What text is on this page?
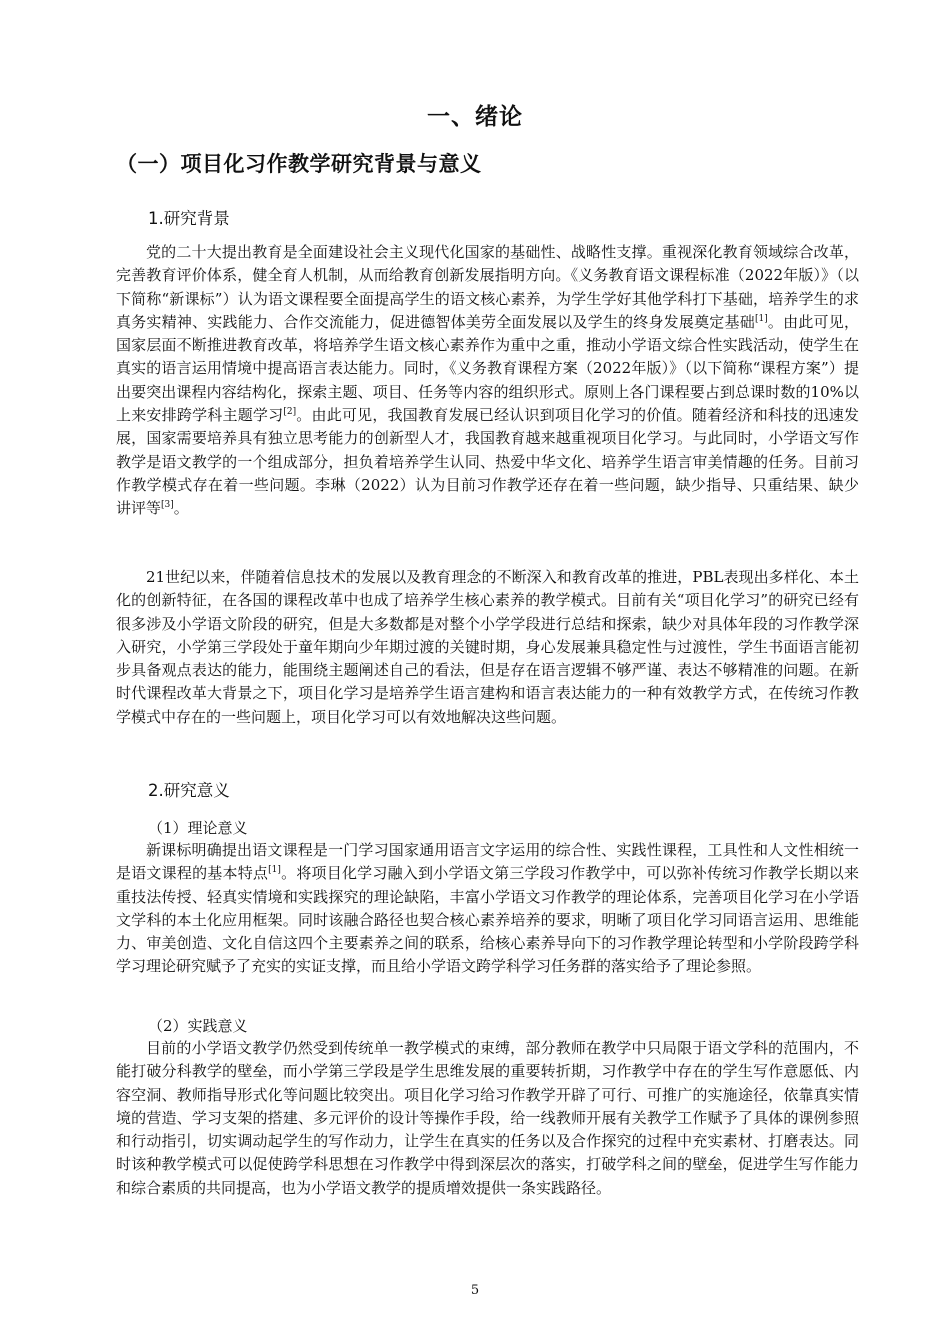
一、绪论
（一）项目化习作教学研究背景与意义
1.研究背景

党的二十大提出教育是全面建设社会主义现代化国家的基础性、战略性支撑。重视深化教育领域综合改革，完善教育评价体系，健全育人机制，从而给教育创新发展指明方向。《义务教育语文课程标准（2022年版）》（以下简称“新课标”）认为语文课程要全面提高学生的语文核心素养，为学生学好其他学科打下基础，培养学生的求真务实精神、实践能力、合作交流能力，促进德智体美劳全面发展以及学生的终身发展奠定基础[1]。由此可见，国家层面不断推进教育改革，将培养学生语文核心素养作为重中之重，推动小学语文综合性实践活动，使学生在真实的语言运用情境中提高语言表达能力。同时，《义务教育课程方案（2022年版）》（以下简称“课程方案”）提出要突出课程内容结构化，探索主题、项目、任务等内容的组织形式。原则上各门课程要占到总课时数的10%以上来安排跨学科主题学习[2]。由此可见，我国教育发展已经认识到项目化学习的价值。随着经济和科技的迅速发展，国家需要培养具有独立思考能力的创新型人才，我国教育越来越重视项目化学习。与此同时，小学语文写作教学是语文教学的一个组成部分，担负着培养学生认同、热爱中华文化、培养学生语言审美情趣的任务。目前习作教学模式存在着一些问题。李琳（2022）认为目前习作教学还存在着一些问题，缺少指导、只重结果、缺少讲评等[3]。

21世纪以来，伴随着信息技术的发展以及教育理念的不断深入和教育改革的推进，PBL表现出多样化、本土化的创新特征，在各国的课程改革中也成了培养学生核心素养的教学模式。目前有关“项目化学习”的研究已经有很多涉及小学语文阶段的研究，但是大多数都是对整个小学学段进行总结和探索，缺少对具体年段的习作教学深入研究，小学第三学段处于童年期向少年期过渡的关键时期，身心发展兼具稳定性与过渡性，学生书面语言能初步具备观点表达的能力，能围绕主题阐述自己的看法，但是存在语言逻辑不够严谨、表达不够精准的问题。在新时代课程改革大背景之下，项目化学习是培养学生语言建构和语言表达能力的一种有效教学方式，在传统习作教学模式中存在的一些问题上，项目化学习可以有效地解决这些问题。

2.研究意义
（1）理论意义

新课标明确提出语文课程是一门学习国家通用语言文字运用的综合性、实践性课程，工具性和人文性相统一是语文课程的基本特点[1]。将项目化学习融入到小学语文第三学段习作教学中，可以弥补传统习作教学长期以来重技法传授、轻真实情境和实践探究的理论缺陷，丰富小学语文习作教学的理论体系，完善项目化学习在小学语文学科的本土化应用框架。同时该融合路径也契合核心素养培养的要求，明晰了项目化学习同语言运用、思维能力、审美创造、文化自信这四个主要素养之间的联系，给核心素养导向下的习作教学理论转型和小学阶段跨学科学习理论研究赋予了充实的实证支撑，而且给小学语文跨学科学习任务群的落实给予了理论参照。

（2）实践意义

目前的小学语文教学仍然受到传统单一教学模式的束缚，部分教师在教学中只局限于语文学科的范围内，不能打破分科教学的壁垒，而小学第三学段是学生思维发展的重要转折期，习作教学中存在的学生写作意愿低、内容空洞、教师指导形式化等问题比较突出。项目化学习给习作教学开辟了可行、可推广的实施途径，依靠真实情境的营造、学习支架的搭建、多元评价的设计等操作手段，给一线教师开展有关教学工作赋予了具体的课例参照和行动指引，切实调动起学生的写作动力，让学生在真实的任务以及合作探究的过程中充实素材、打磨表达。同时该种教学模式可以促使跨学科思想在习作教学中得到深层次的落实，打破学科之间的壁垒，促进学生写作能力和综合素质的共同提高，也为小学语文教学的提质增效提供一条实践路径。

5
